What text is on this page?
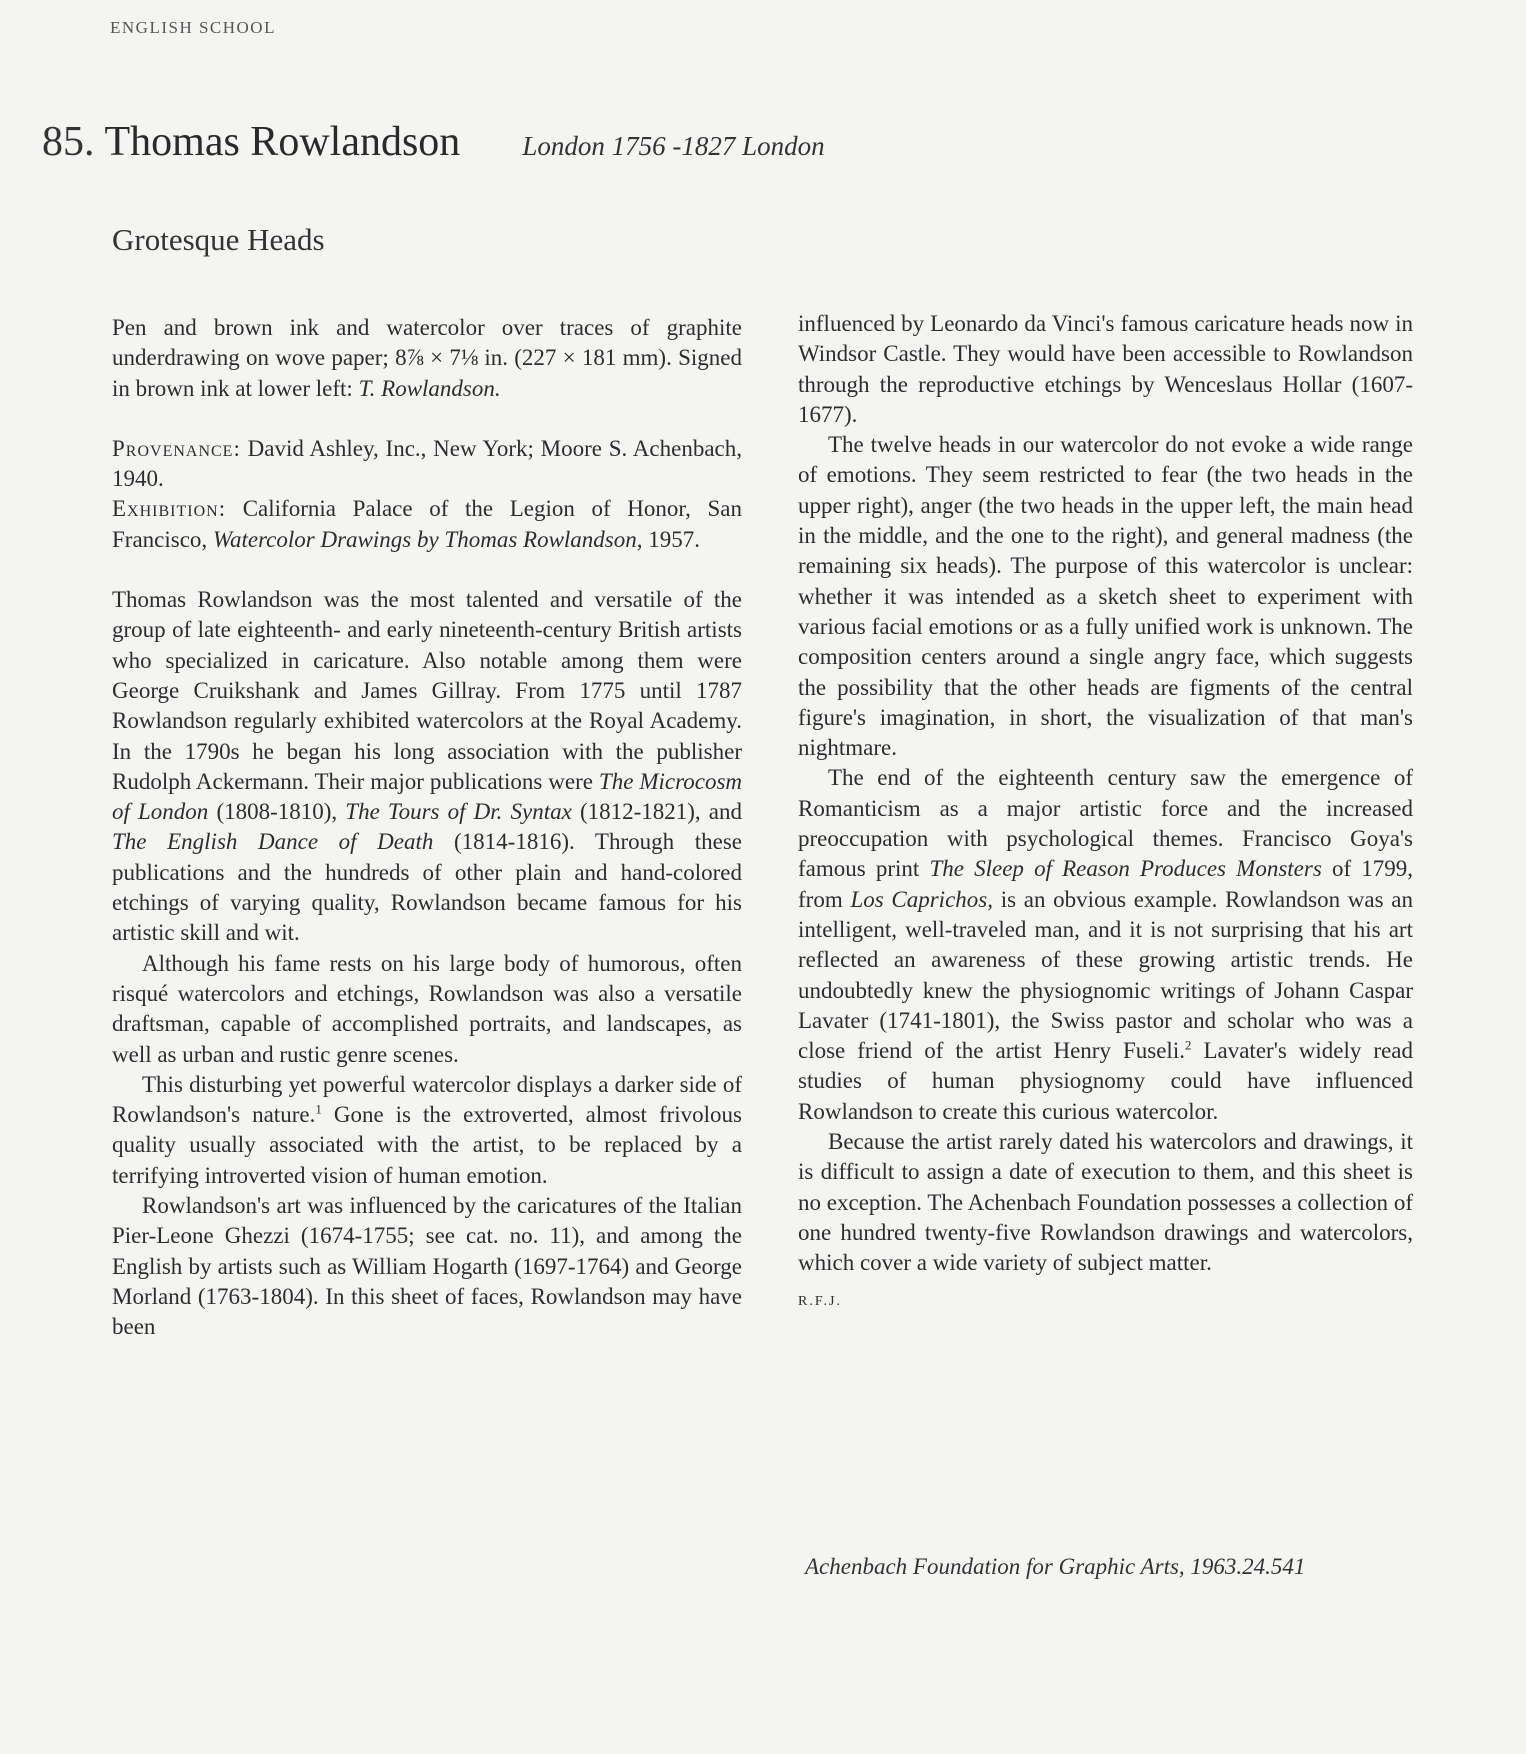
ENGLISH SCHOOL
85. Thomas Rowlandson London 1756 -1827 London
Grotesque Heads

Pen and brown ink and watercolor over traces of graphite underdrawing on wove paper; 8⅞ × 7⅛ in. (227 × 181 mm). Signed in brown ink at lower left: T. Rowlandson.

Provenance: David Ashley, Inc., New York; Moore S. Achenbach, 1940.

Exhibition: California Palace of the Legion of Honor, San Francisco, Watercolor Drawings by Thomas Rowlandson, 1957.

Thomas Rowlandson was the most talented and versatile of the group of late eighteenth- and early nineteenth-century British artists who specialized in caricature. Also notable among them were George Cruikshank and James Gillray. From 1775 until 1787 Rowlandson regularly exhibited watercolors at the Royal Academy. In the 1790s he began his long association with the publisher Rudolph Ackermann. Their major publications were The Microcosm of London (1808-1810), The Tours of Dr. Syntax (1812-1821), and The English Dance of Death (1814-1816). Through these publications and the hundreds of other plain and hand-colored etchings of varying quality, Rowlandson became famous for his artistic skill and wit.

Although his fame rests on his large body of humorous, often risqué watercolors and etchings, Rowlandson was also a versatile draftsman, capable of accomplished portraits, and landscapes, as well as urban and rustic genre scenes.

This disturbing yet powerful watercolor displays a darker side of Rowlandson's nature.$^1$ Gone is the extroverted, almost frivolous quality usually associated with the artist, to be replaced by a terrifying introverted vision of human emotion.

Rowlandson's art was influenced by the caricatures of the Italian Pier-Leone Ghezzi (1674-1755; see cat. no. 11), and among the English by artists such as William Hogarth (1697-1764) and George Morland (1763-1804). In this sheet of faces, Rowlandson may have been

influenced by Leonardo da Vinci's famous caricature heads now in Windsor Castle. They would have been accessible to Rowlandson through the reproductive etchings by Wenceslaus Hollar (1607-1677).

The twelve heads in our watercolor do not evoke a wide range of emotions. They seem restricted to fear (the two heads in the upper right), anger (the two heads in the upper left, the main head in the middle, and the one to the right), and general madness (the remaining six heads). The purpose of this watercolor is unclear: whether it was intended as a sketch sheet to experiment with various facial emotions or as a fully unified work is unknown. The composition centers around a single angry face, which suggests the possibility that the other heads are figments of the central figure's imagination, in short, the visualization of that man's nightmare.

The end of the eighteenth century saw the emergence of Romanticism as a major artistic force and the increased preoccupation with psychological themes. Francisco Goya's famous print The Sleep of Reason Produces Monsters of 1799, from Los Caprichos, is an obvious example. Rowlandson was an intelligent, well-traveled man, and it is not surprising that his art reflected an awareness of these growing artistic trends. He undoubtedly knew the physiognomic writings of Johann Caspar Lavater (1741-1801), the Swiss pastor and scholar who was a close friend of the artist Henry Fuseli.$^2$ Lavater's widely read studies of human physiognomy could have influenced Rowlandson to create this curious watercolor.

Because the artist rarely dated his watercolors and drawings, it is difficult to assign a date of execution to them, and this sheet is no exception. The Achenbach Foundation possesses a collection of one hundred twenty-five Rowlandson drawings and watercolors, which cover a wide variety of subject matter.

R.F.J.

Achenbach Foundation for Graphic Arts, 1963.24.541
